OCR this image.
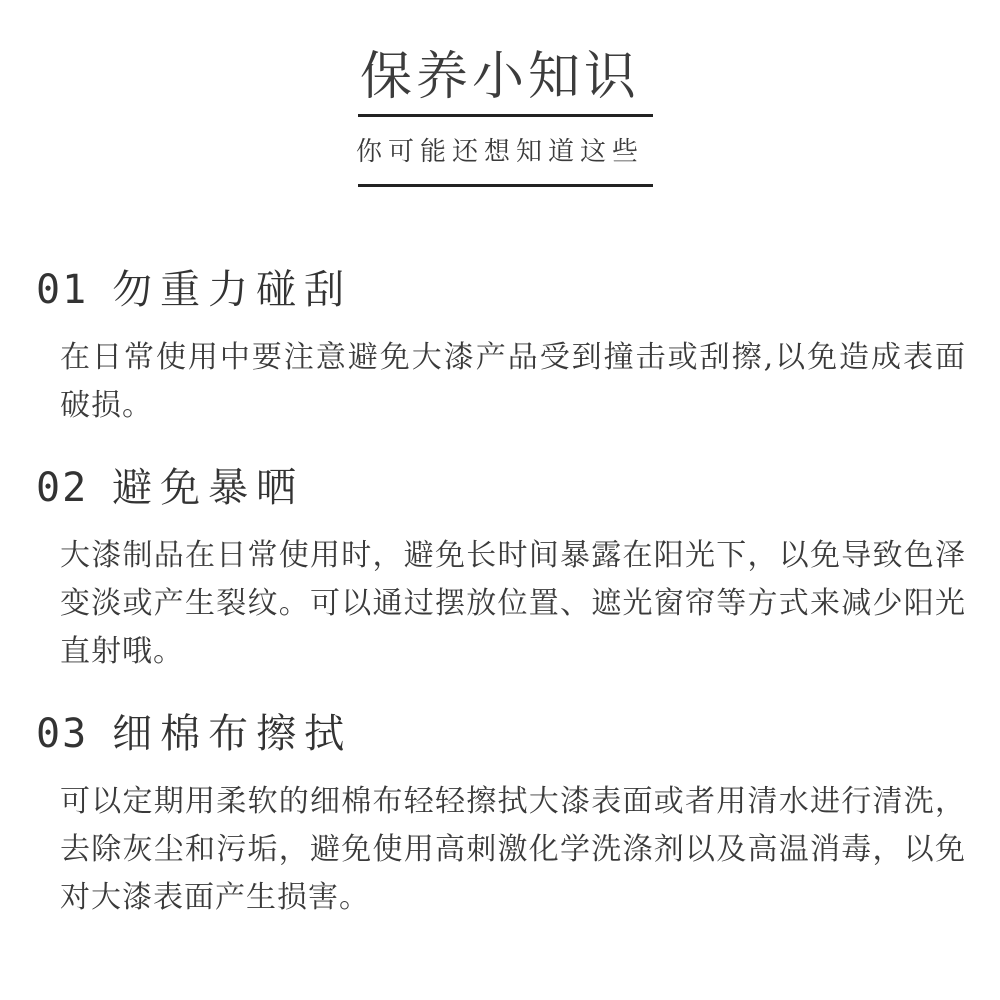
保养小知识
你可能还想知道这些
01 勿重力碰刮
在日常使用中要注意避免大漆产品受到撞击或刮擦,以免造成表面破损。
02 避免暴晒
大漆制品在日常使用时，避免长时间暴露在阳光下，以免导致色泽变淡或产生裂纹。可以通过摆放位置、遮光窗帘等方式来减少阳光直射哦。
03 细棉布擦拭
可以定期用柔软的细棉布轻轻擦拭大漆表面或者用清水进行清洗，去除灰尘和污垢，避免使用高刺激化学洗涤剂以及高温消毒，以免对大漆表面产生损害。
